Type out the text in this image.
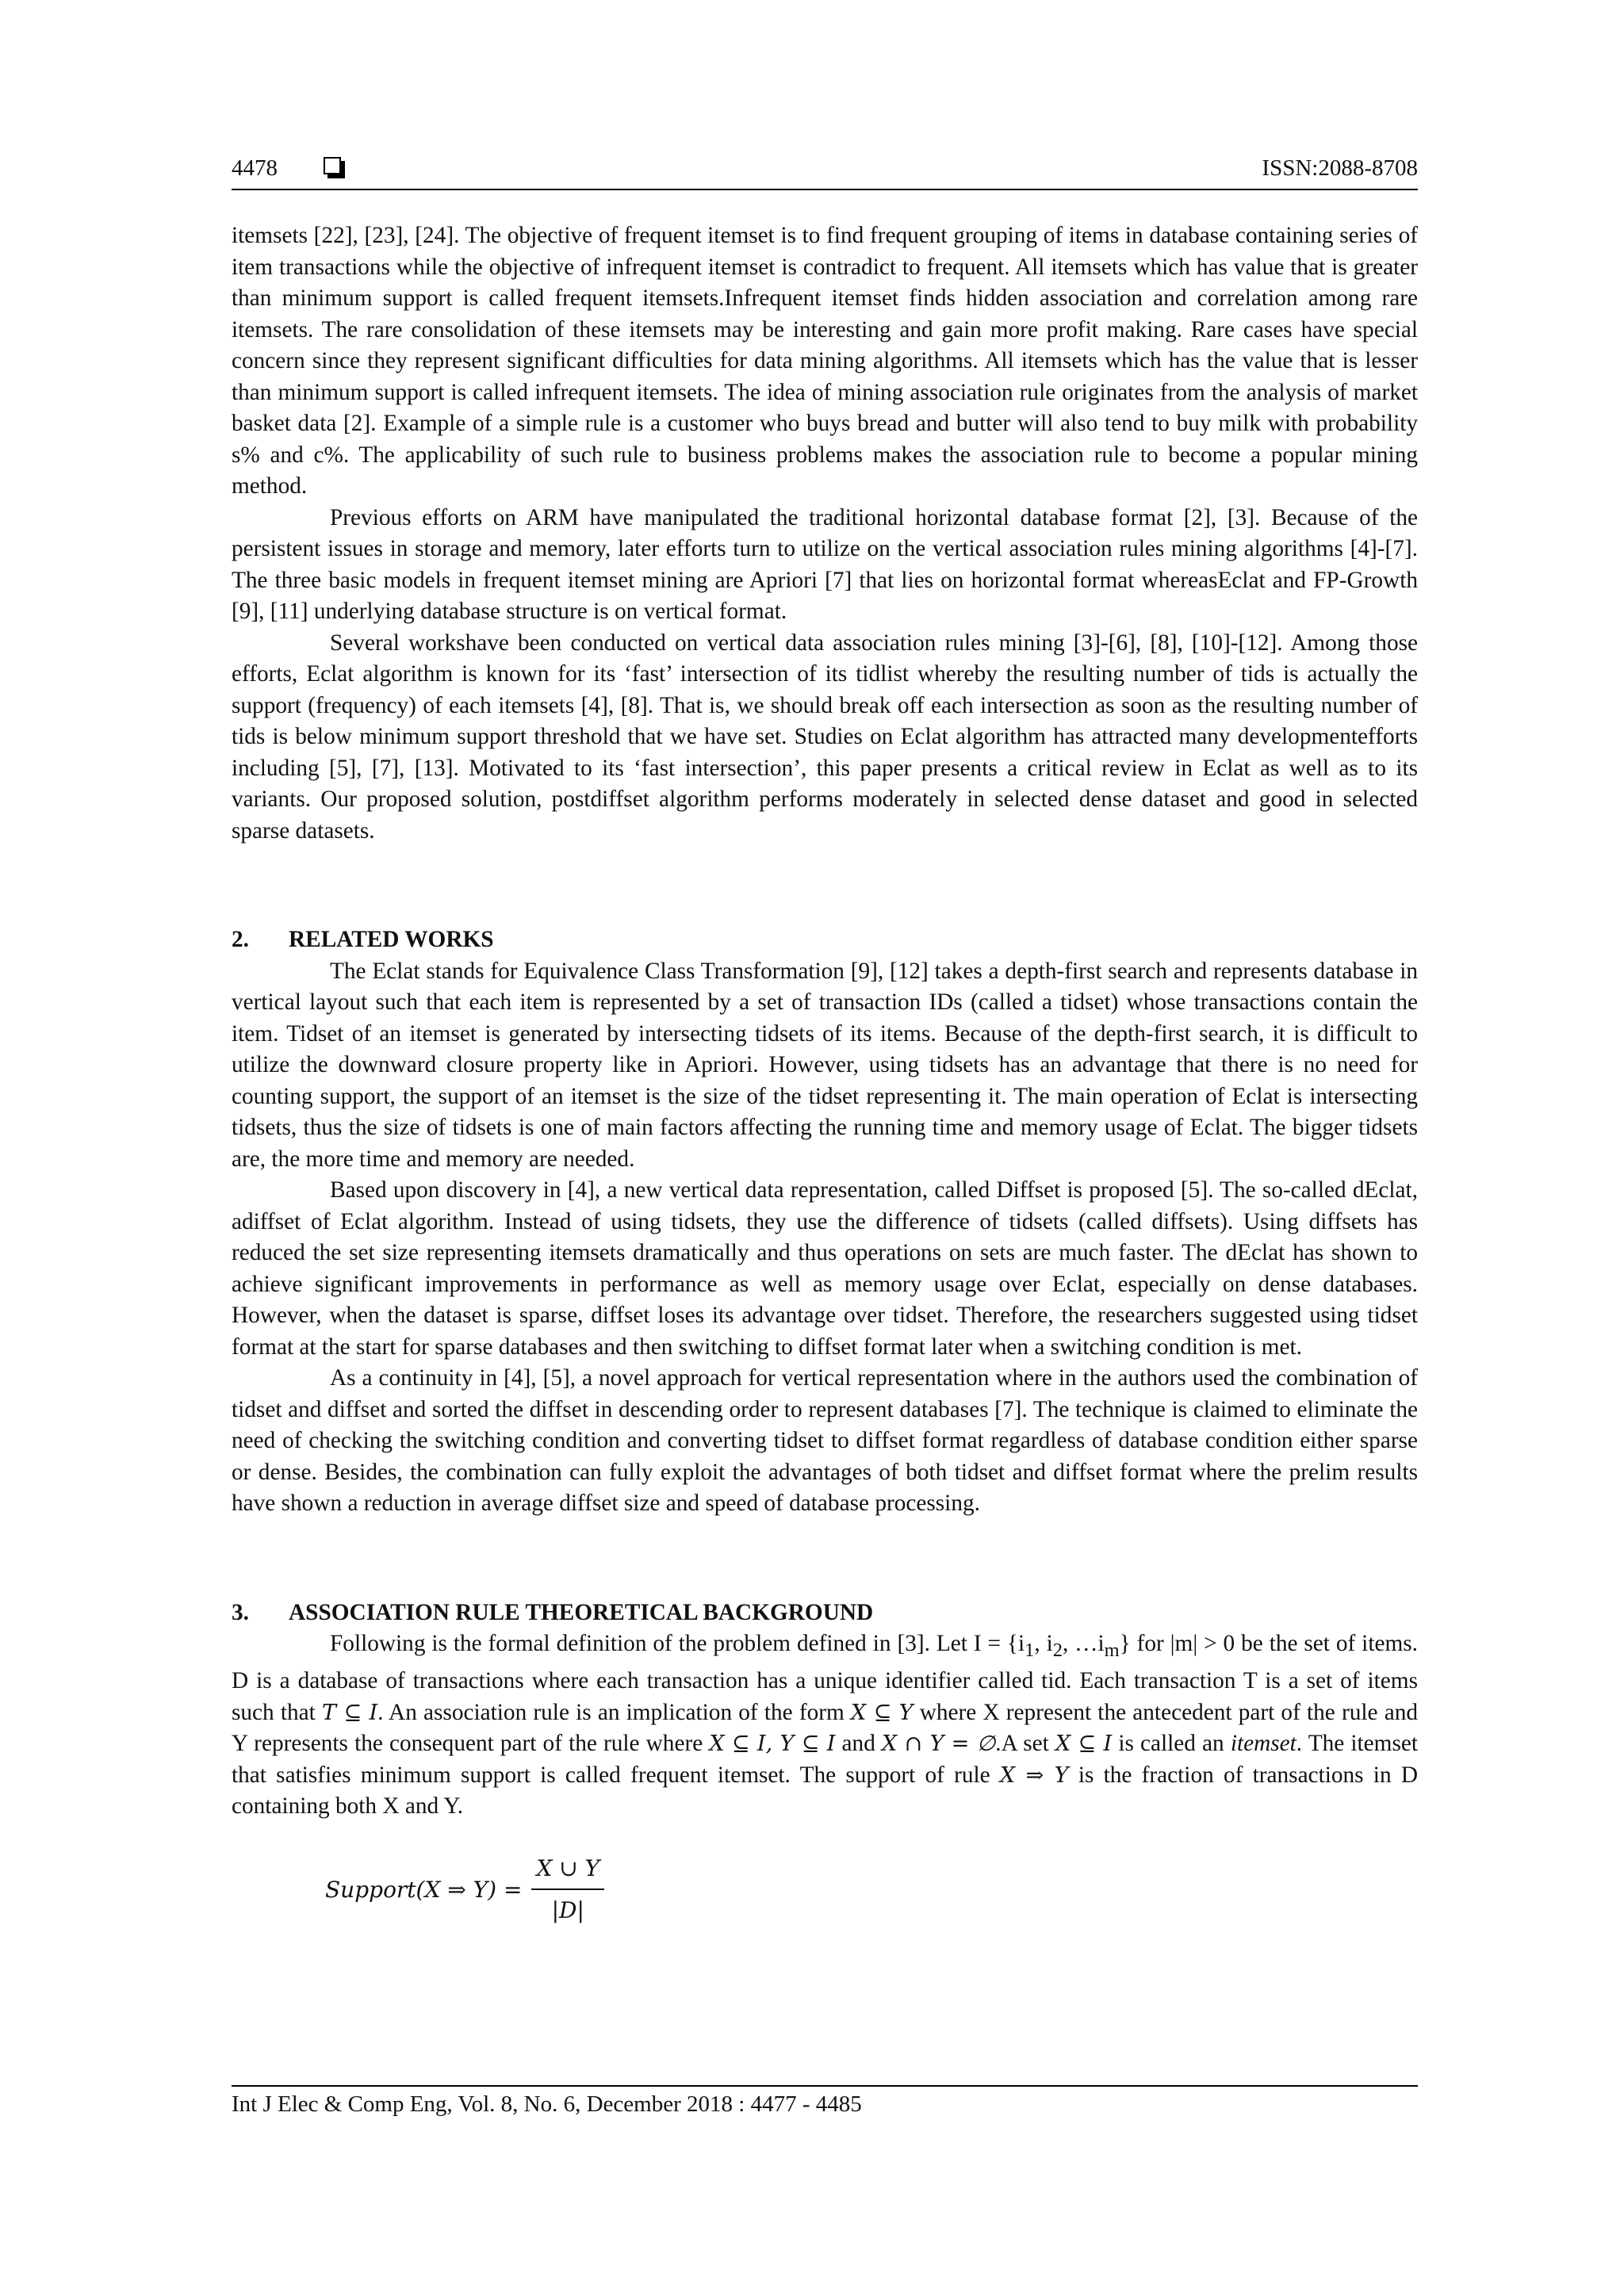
4478	ISSN:2088-8708

itemsets [22], [23], [24]. The objective of frequent itemset is to find frequent grouping of items in database containing series of item transactions while the objective of infrequent itemset is contradict to frequent. All itemsets which has value that is greater than minimum support is called frequent itemsets.Infrequent itemset finds hidden association and correlation among rare itemsets. The rare consolidation of these itemsets may be interesting and gain more profit making. Rare cases have special concern since they represent significant difficulties for data mining algorithms. All itemsets which has the value that is lesser than minimum support is called infrequent itemsets. The idea of mining association rule originates from the analysis of market basket data [2]. Example of a simple rule is a customer who buys bread and butter will also tend to buy milk with probability s% and c%. The applicability of such rule to business problems makes the association rule to become a popular mining method.

Previous efforts on ARM have manipulated the traditional horizontal database format [2], [3]. Because of the persistent issues in storage and memory, later efforts turn to utilize on the vertical association rules mining algorithms [4]-[7]. The three basic models in frequent itemset mining are Apriori [7] that lies on horizontal format whereasEclat and FP-Growth [9], [11] underlying database structure is on vertical format.

Several workshave been conducted on vertical data association rules mining [3]-[6], [8], [10]-[12]. Among those efforts, Eclat algorithm is known for its ‘fast’ intersection of its tidlist whereby the resulting number of tids is actually the support (frequency) of each itemsets [4], [8]. That is, we should break off each intersection as soon as the resulting number of tids is below minimum support threshold that we have set. Studies on Eclat algorithm has attracted many developmentefforts including [5], [7], [13]. Motivated to its ‘fast intersection’, this paper presents a critical review in Eclat as well as to its variants. Our proposed solution, postdiffset algorithm performs moderately in selected dense dataset and good in selected sparse datasets.

2. RELATED WORKS

The Eclat stands for Equivalence Class Transformation [9], [12] takes a depth-first search and represents database in vertical layout such that each item is represented by a set of transaction IDs (called a tidset) whose transactions contain the item. Tidset of an itemset is generated by intersecting tidsets of its items. Because of the depth-first search, it is difficult to utilize the downward closure property like in Apriori. However, using tidsets has an advantage that there is no need for counting support, the support of an itemset is the size of the tidset representing it. The main operation of Eclat is intersecting tidsets, thus the size of tidsets is one of main factors affecting the running time and memory usage of Eclat. The bigger tidsets are, the more time and memory are needed.

Based upon discovery in [4], a new vertical data representation, called Diffset is proposed [5]. The so-called dEclat, adiffset of Eclat algorithm. Instead of using tidsets, they use the difference of tidsets (called diffsets). Using diffsets has reduced the set size representing itemsets dramatically and thus operations on sets are much faster. The dEclat has shown to achieve significant improvements in performance as well as memory usage over Eclat, especially on dense databases. However, when the dataset is sparse, diffset loses its advantage over tidset. Therefore, the researchers suggested using tidset format at the start for sparse databases and then switching to diffset format later when a switching condition is met.

As a continuity in [4], [5], a novel approach for vertical representation where in the authors used the combination of tidset and diffset and sorted the diffset in descending order to represent databases [7]. The technique is claimed to eliminate the need of checking the switching condition and converting tidset to diffset format regardless of database condition either sparse or dense. Besides, the combination can fully exploit the advantages of both tidset and diffset format where the prelim results have shown a reduction in average diffset size and speed of database processing.

3. ASSOCIATION RULE THEORETICAL BACKGROUND

Following is the formal definition of the problem defined in [3]. Let $I = \{i_1$, $i_2$, $\dots i_m$} for |m| > 0 be the set of items. D is a database of transactions where each transaction has a unique identifier called tid. Each transaction T is a set of items such that T ⊆ I. An association rule is an implication of the form X ⊆ Y where X represent the antecedent part of the rule and Y represents the consequent part of the rule where X ⊆ I, Y ⊆ I and X ∩ Y = ∅.A set X ⊆ I is called an itemset. The itemset that satisfies minimum support is called frequent itemset. The support of rule X ⇒ Y is the fraction of transactions in D containing both X and Y.

Support(X ⇒ $Y) = \frac{X \cup Y}{|D|}$
Int J Elec & Comp Eng, Vol. 8, No. 6, December 2018 : 4477 - 4485
